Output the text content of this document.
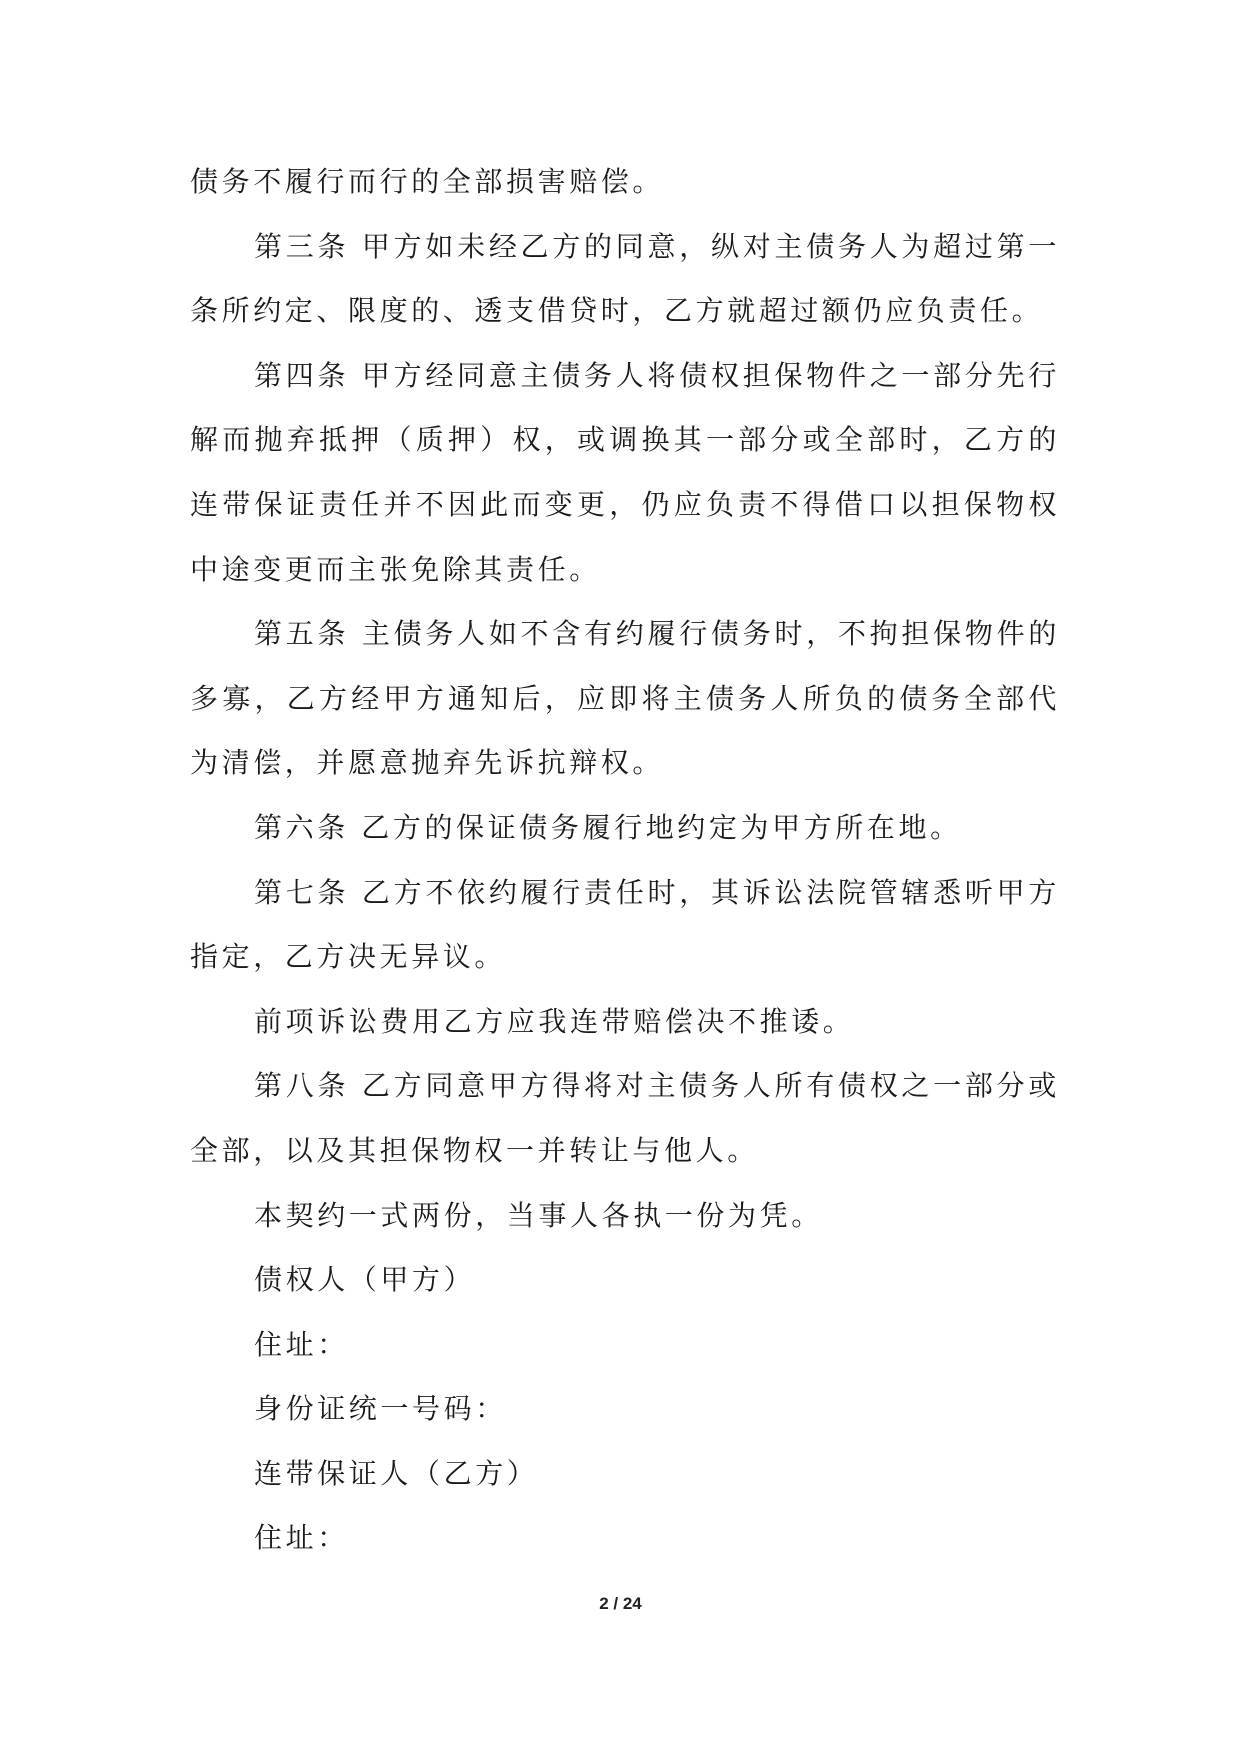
债务不履行而行的全部损害赔偿。

第三条 甲方如未经乙方的同意，纵对主债务人为超过第一条所约定、限度的、透支借贷时，乙方就超过额仍应负责任。

第四条 甲方经同意主债务人将债权担保物件之一部分先行解而抛弃抵押（质押）权，或调换其一部分或全部时，乙方的连带保证责任并不因此而变更，仍应负责不得借口以担保物权中途变更而主张免除其责任。

第五条 主债务人如不含有约履行债务时，不拘担保物件的多寡，乙方经甲方通知后，应即将主债务人所负的债务全部代为清偿，并愿意抛弃先诉抗辩权。

第六条 乙方的保证债务履行地约定为甲方所在地。

第七条 乙方不依约履行责任时，其诉讼法院管辖悉听甲方指定，乙方决无异议。

前项诉讼费用乙方应我连带赔偿决不推诿。

第八条 乙方同意甲方得将对主债务人所有债权之一部分或全部，以及其担保物权一并转让与他人。

本契约一式两份，当事人各执一份为凭。

债权人（甲方）

住址：

身份证统一号码：

连带保证人（乙方）

住址：

2 / 24
